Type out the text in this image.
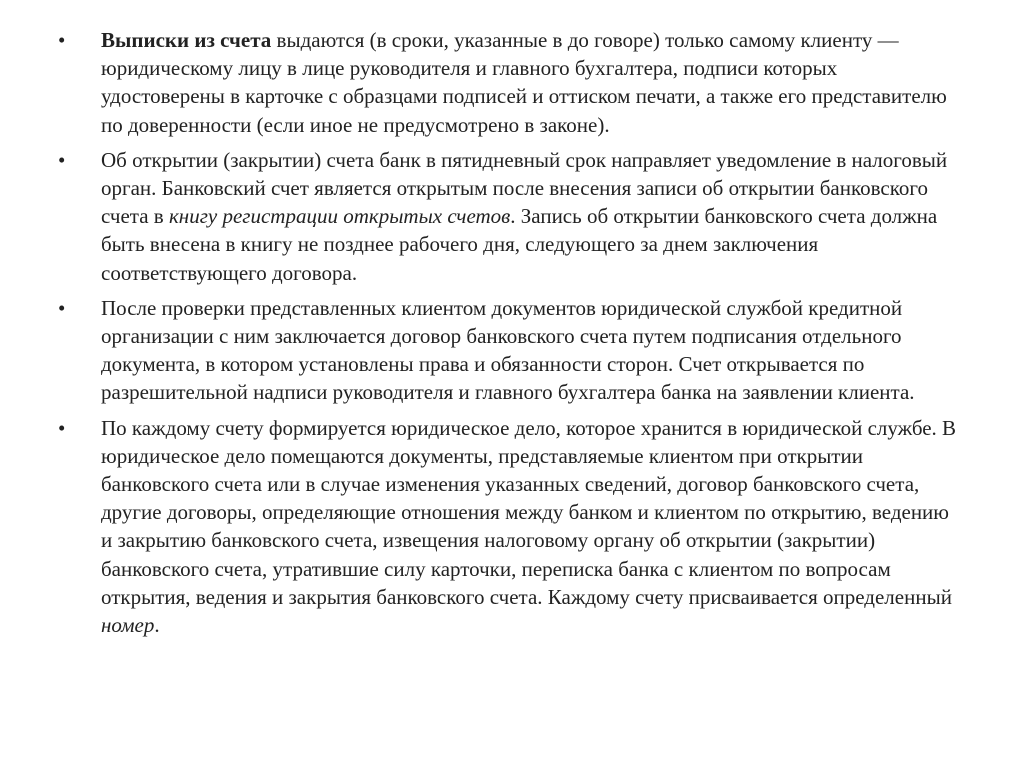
• Выписки из счета выдаются (в сроки, указанные в до говоре) только самому клиенту — юридическому лицу в лице руководителя и главного бухгалтера, подписи которых удостоверены в карточке с образцами подписей и оттиском печати, а также его представителю по доверенности (если иное не предусмотрено в законе).
• Об открытии (закрытии) счета банк в пятидневный срок направляет уведомление в налоговый орган. Банковский счет является открытым после внесения записи об открытии банковского счета в книгу регистрации открытых счетов. Запись об открытии банковского счета должна быть внесена в книгу не позднее рабочего дня, следующего за днем заключения соответствующего договора.
• После проверки представленных клиентом документов юридической службой кредитной организации с ним заключается договор банковского счета путем подписания отдельного документа, в котором установлены права и обязанности сторон. Счет открывается по разрешительной надписи руководителя и главного бухгалтера банка на заявлении клиента.
• По каждому счету формируется юридическое дело, которое хранится в юридической службе. В юридическое дело помещаются документы, представляемые клиентом при открытии банковского счета или в случае изменения указанных сведений, договор банковского счета, другие договоры, определяющие отношения между банком и клиентом по открытию, ведению и закрытию банковского счета, извещения налоговому органу об открытии (закрытии) банковского счета, утратившие силу карточки, переписка банка с клиентом по вопросам открытия, ведения и закрытия банковского счета. Каждому счету присваивается определенный номер.
